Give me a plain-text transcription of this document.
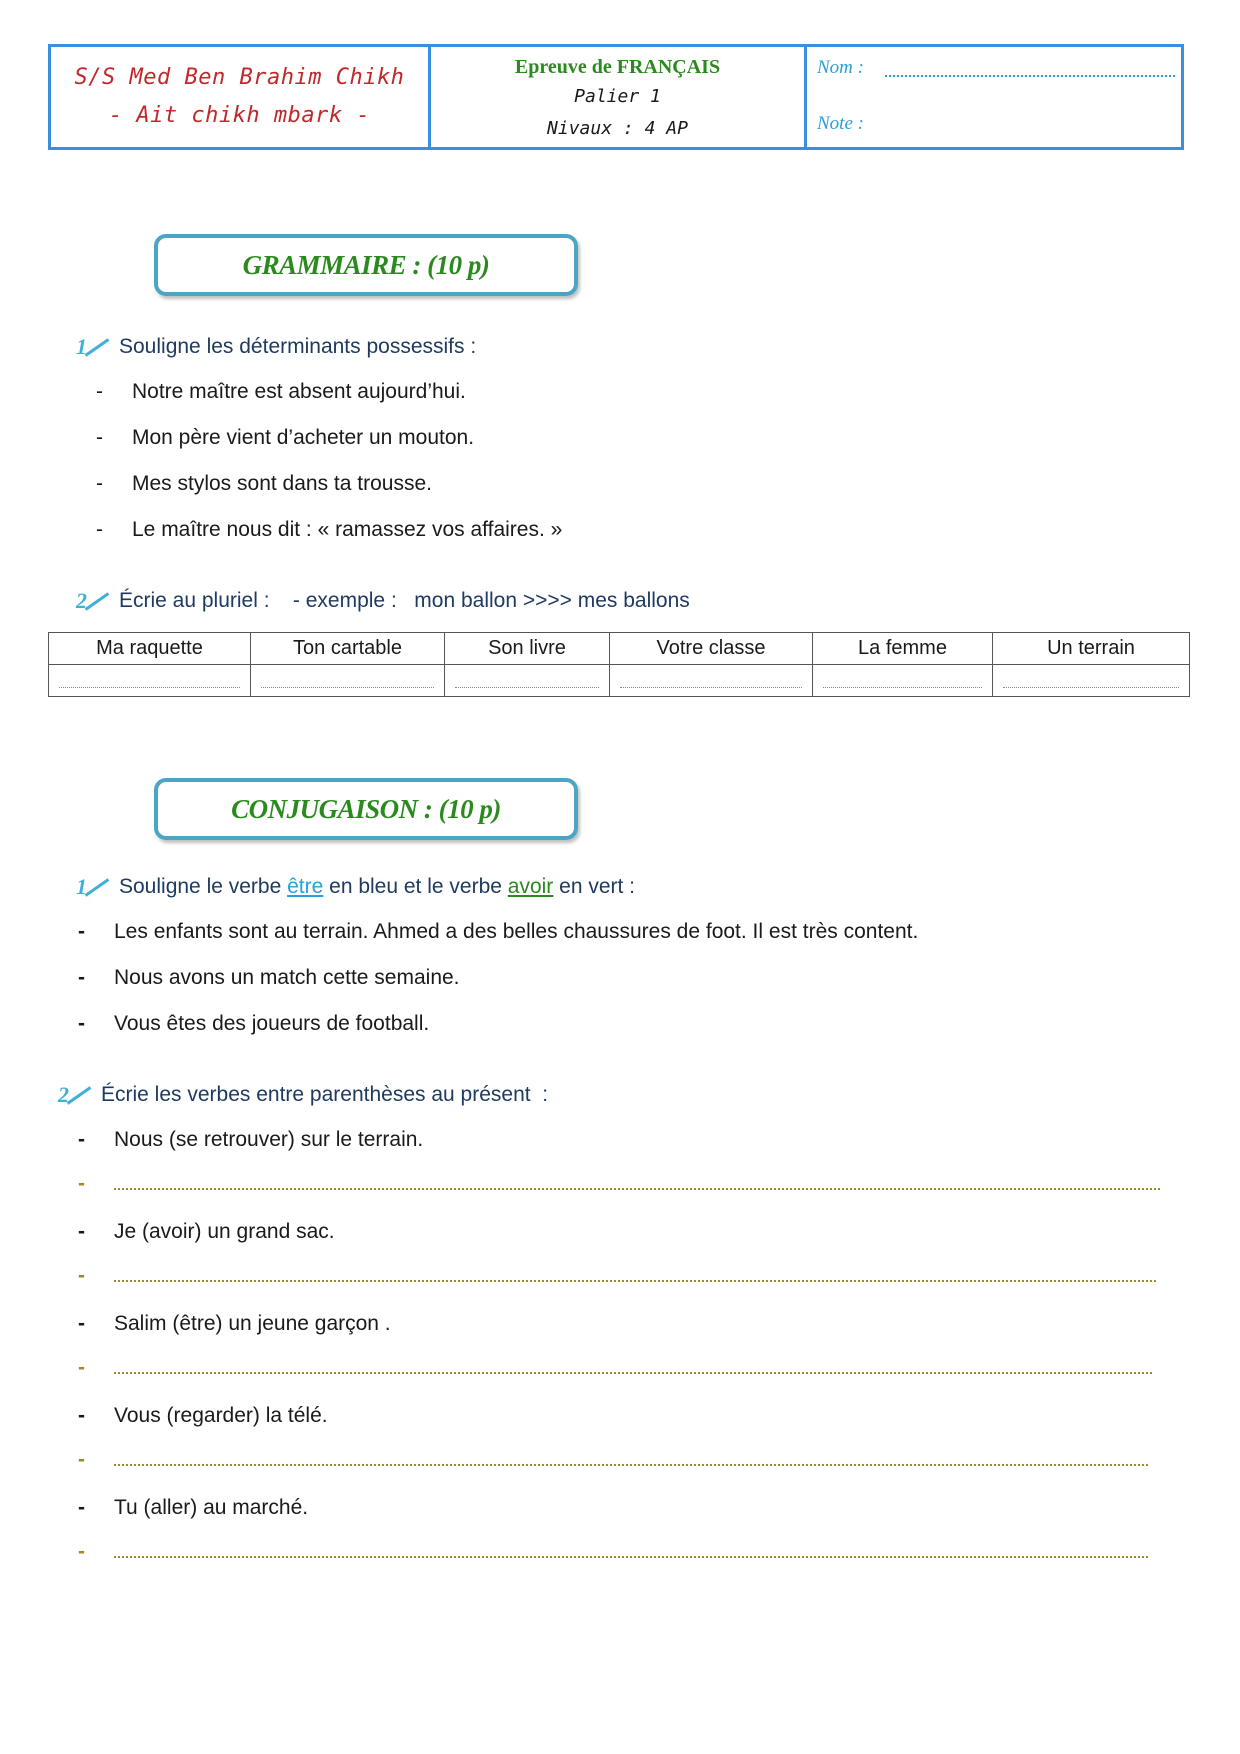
S/S Med Ben Brahim Chikh
- Ait chikh mbark -
Epreuve de FRANÇAIS
Palier 1
Nivaux : 4 AP
Nom :
Note :
GRAMMAIRE : (10 p)
1 Souligne les déterminants possessifs :
-	Notre maître est absent aujourd’hui.
-	Mon père vient d’acheter un mouton.
-	Mes stylos sont dans ta trousse.
-	Le maître nous dit : « ramassez vos affaires. »
2 Écrie au pluriel :    - exemple :   mon ballon >>>> mes ballons
Ma raquette	Ton cartable	Son livre	Votre classe	La femme	Un terrain

CONJUGAISON : (10 p)
1 Souligne le verbe être en bleu et le verbe avoir en vert :
-	Les enfants sont au terrain. Ahmed a des belles chaussures de foot. Il est très content.
-	Nous avons un match cette semaine.
-	Vous êtes des joueurs de football.
2 Écrie les verbes entre parenthèses au présent  :
-	Nous (se retrouver) sur le terrain.
-
-	Je (avoir) un grand sac.
-
-	Salim (être) un jeune garçon .
-
-	Vous (regarder) la télé.
-
-	Tu (aller) au marché.
-
